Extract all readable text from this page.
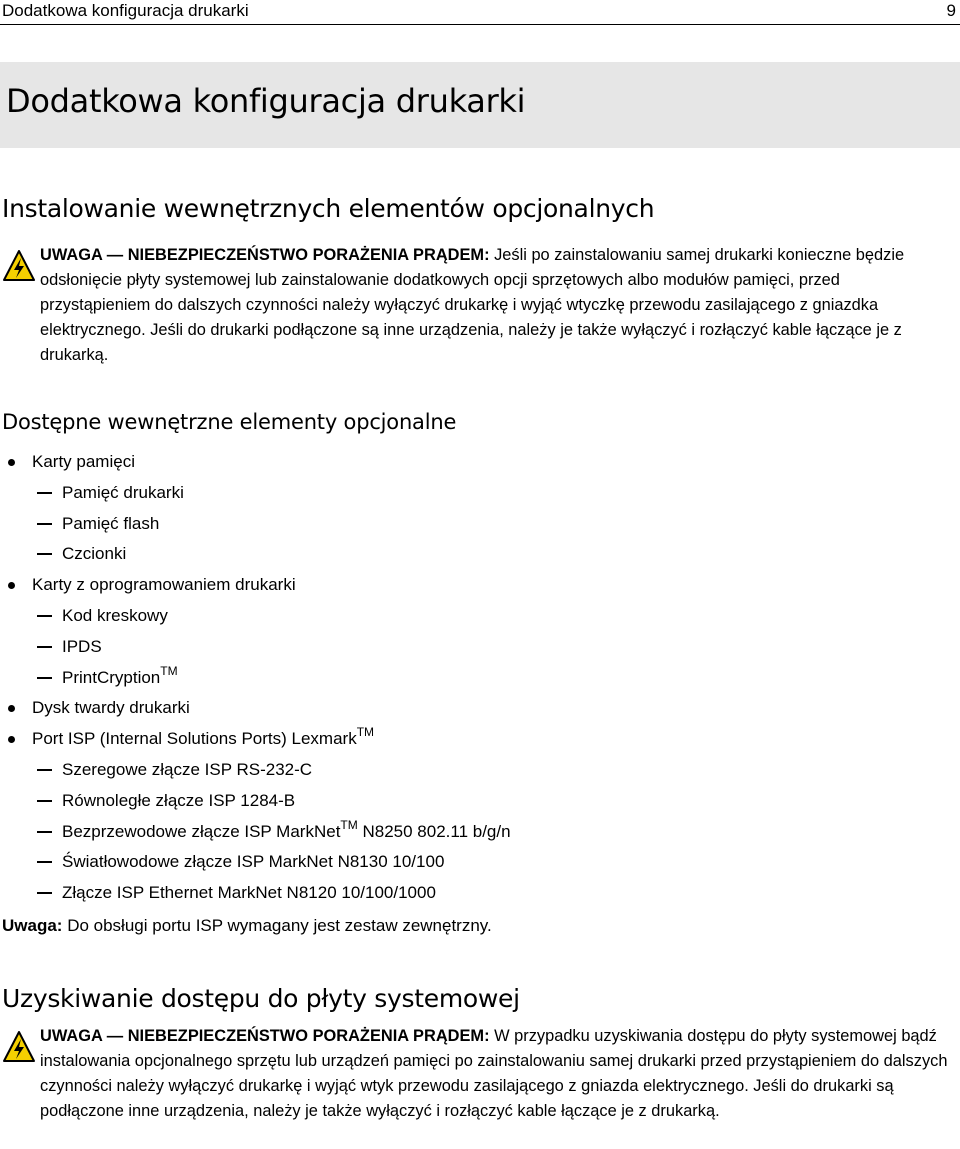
Dodatkowa konfiguracja drukarki	9
Dodatkowa konfiguracja drukarki
Instalowanie wewnętrznych elementów opcjonalnych

UWAGA — NIEBEZPIECZEŃSTWO PORAŻENIA PRĄDEM: Jeśli po zainstalowaniu samej drukarki konieczne będzie odsłonięcie płyty systemowej lub zainstalowanie dodatkowych opcji sprzętowych albo modułów pamięci, przed przystąpieniem do dalszych czynności należy wyłączyć drukarkę i wyjąć wtyczkę przewodu zasilającego z gniazdka elektrycznego. Jeśli do drukarki podłączone są inne urządzenia, należy je także wyłączyć i rozłączyć kable łączące je z drukarką.

Dostępne wewnętrzne elementy opcjonalne
Karty pamięci
Pamięć drukarki
Pamięć flash
Czcionki
Karty z oprogramowaniem drukarki
Kod kreskowy
IPDS
PrintCryption™
Dysk twardy drukarki
Port ISP (Internal Solutions Ports) Lexmark™
Szeregowe złącze ISP RS-232-C
Równoległe złącze ISP 1284-B
Bezprzewodowe złącze ISP MarkNet™ N8250 802.11 b/g/n
Światłowodowe złącze ISP MarkNet N8130 10/100
Złącze ISP Ethernet MarkNet N8120 10/100/1000

Uwaga: Do obsługi portu ISP wymagany jest zestaw zewnętrzny.

Uzyskiwanie dostępu do płyty systemowej

UWAGA — NIEBEZPIECZEŃSTWO PORAŻENIA PRĄDEM: W przypadku uzyskiwania dostępu do płyty systemowej bądź instalowania opcjonalnego sprzętu lub urządzeń pamięci po zainstalowaniu samej drukarki przed przystąpieniem do dalszych czynności należy wyłączyć drukarkę i wyjąć wtyk przewodu zasilającego z gniazda elektrycznego. Jeśli do drukarki są podłączone inne urządzenia, należy je także wyłączyć i rozłączyć kable łączące je z drukarką.
